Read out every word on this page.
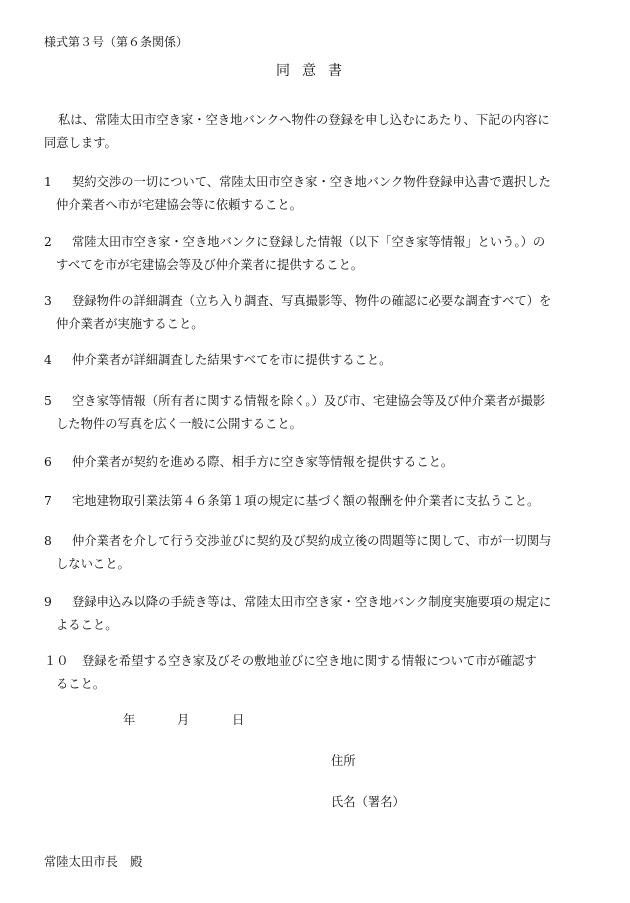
様式第３号（第６条関係）
同意書
私は、常陸太田市空き家・空き地バンクへ物件の登録を申し込むにあたり、下記の内容に
同意します。
1 契約交渉の一切について、常陸太田市空き家・空き地バンク物件登録申込書で選択した
仲介業者へ市が宅建協会等に依頼すること。
2 常陸太田市空き家・空き地バンクに登録した情報（以下「空き家等情報」という。）の
すべてを市が宅建協会等及び仲介業者に提供すること。
3 登録物件の詳細調査（立ち入り調査、写真撮影等、物件の確認に必要な調査すべて）を
仲介業者が実施すること。
4 仲介業者が詳細調査した結果すべてを市に提供すること。
5 空き家等情報（所有者に関する情報を除く。）及び市、宅建協会等及び仲介業者が撮影
した物件の写真を広く一般に公開すること。
6 仲介業者が契約を進める際、相手方に空き家等情報を提供すること。
7 宅地建物取引業法第４６条第１項の規定に基づく額の報酬を仲介業者に支払うこと。
8 仲介業者を介して行う交渉並びに契約及び契約成立後の問題等に関して、市が一切関与
しないこと。
9 登録申込み以降の手続き等は、常陸太田市空き家・空き地バンク制度実施要項の規定に
よること。
１０ 登録を希望する空き家及びその敷地並びに空き地に関する情報について市が確認す
ること。
年	月	日
住所
氏名（署名）
常陸太田市長　殿
